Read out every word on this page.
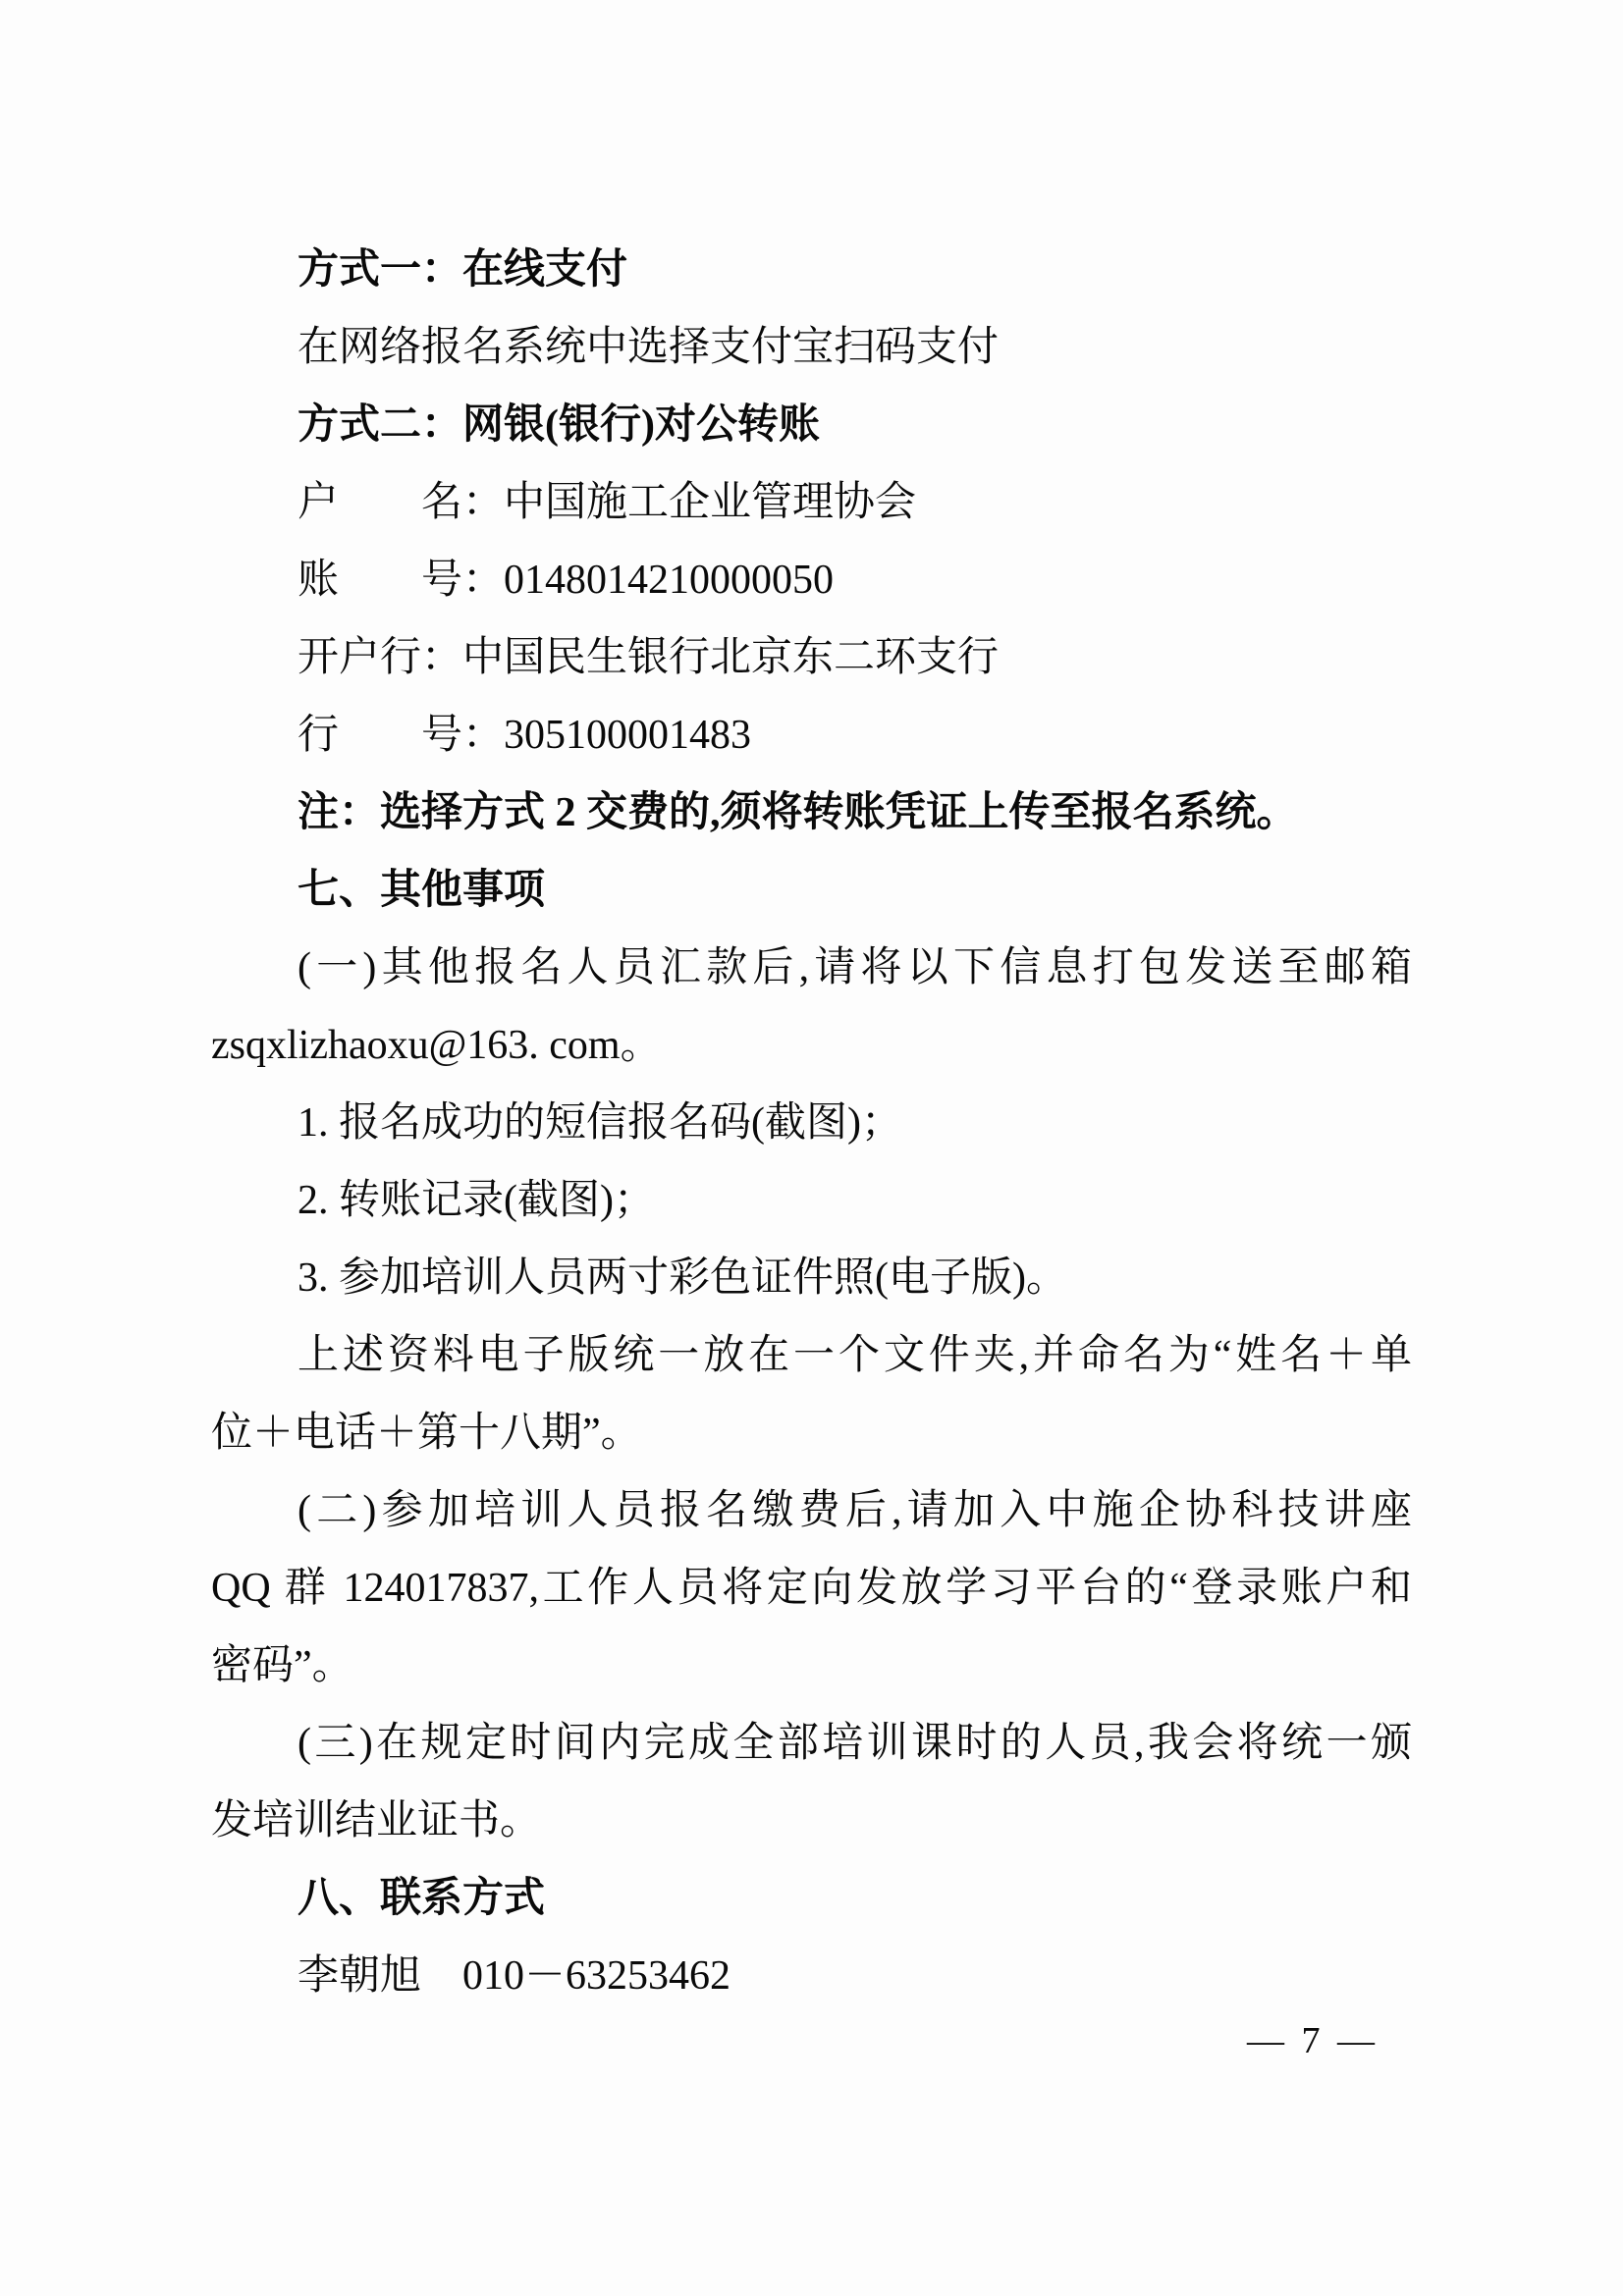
方式一：在线支付
在网络报名系统中选择支付宝扫码支付
方式二：网银(银行)对公转账
户　　名：中国施工企业管理协会
账　　号：0148014210000050
开户行：中国民生银行北京东二环支行
行　　号：305100001483
注：选择方式 2 交费的,须将转账凭证上传至报名系统。
七、其他事项
(一)其他报名人员汇款后,请将以下信息打包发送至邮箱
zsqxlizhaoxu@163. com。
1. 报名成功的短信报名码(截图)；
2. 转账记录(截图)；
3. 参加培训人员两寸彩色证件照(电子版)。
上述资料电子版统一放在一个文件夹,并命名为“姓名＋单
位＋电话＋第十八期”。
(二)参加培训人员报名缴费后,请加入中施企协科技讲座
QQ 群 124017837,工作人员将定向发放学习平台的“登录账户和
密码”。
(三)在规定时间内完成全部培训课时的人员,我会将统一颁
发培训结业证书。
八、联系方式
李朝旭　010－63253462
— 7 —
